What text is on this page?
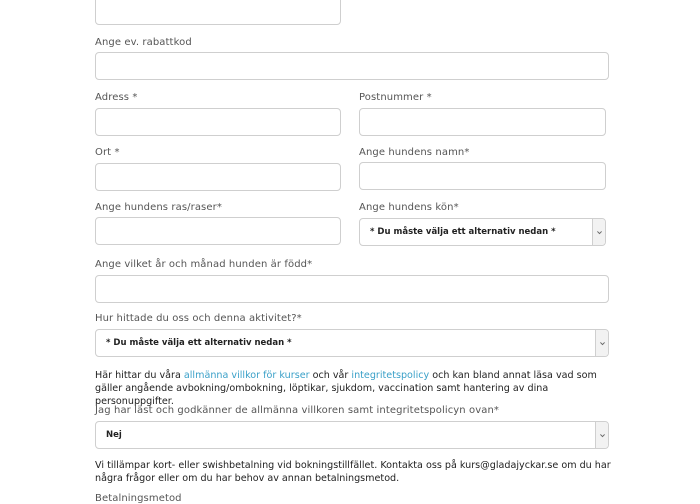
Ange ev. rabattkod
Adress *	Postnummer *
Ort *	Ange hundens namn*
Ange hundens ras/raser*	Ange hundens kön*
* Du måste välja ett alternativ nedan *
Ange vilket år och månad hunden är född*
Hur hittade du oss och denna aktivitet?*
* Du måste välja ett alternativ nedan *
Här hittar du våra allmänna villkor för kurser och vår integritetspolicy och kan bland annat läsa vad som gäller angående avbokning/ombokning, löptikar, sjukdom, vaccination samt hantering av dina personuppgifter.
Jag har läst och godkänner de allmänna villkoren samt integritetspolicyn ovan*
Nej
Vi tillämpar kort- eller swishbetalning vid bokningstillfället. Kontakta oss på kurs@gladajyckar.se om du har några frågor eller om du har behov av annan betalningsmetod.
Betalningsmetod
